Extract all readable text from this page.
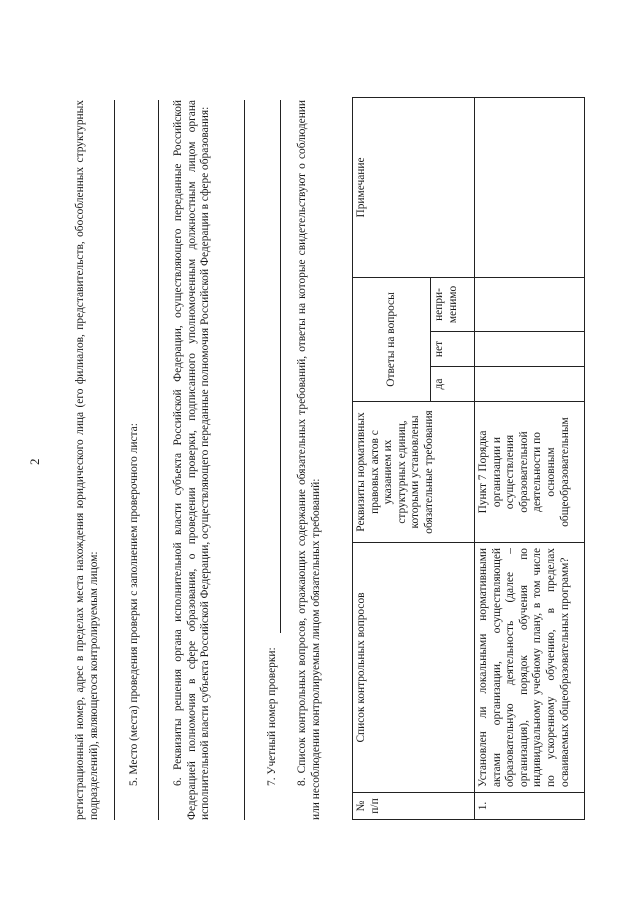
2	регистрационный номер, адрес в пределах места нахождения юридического лица (его филиалов, представительств, обособленных структурных подразделений), являющегося контролируемым лицом: 5. Место (места) проведения проверки с заполнением проверочного листа:	6. Реквизиты решения органа исполнительной власти субъекта Российской Федерации, осуществляющего переданные Российской Федерацией полномочия в сфере образования, о проведении проверки, подписанного уполномоченным должностным лицом органа исполнительной власти субъекта Российской Федерации, осуществляющего переданные полномочия Российской Федерации в сфере образования:	7. Учетный номер проверки: 8. Список контрольных вопросов, отражающих содержание обязательных требований, ответы на которые свидетельствуют о соблюдении или несоблюдении контролируемым лицом обязательных требований:	№ п/п	Список контрольных вопросов	Реквизиты нормативных правовых актов с указанием их структурных единиц, которыми установлены обязательные требования	Ответы на вопросы			Примечание
			да	нет	непри-менимо	
1.	Установлен ли локальными нормативными актами организации, осуществляющей образовательную деятельность (далее – организация), порядок обучения по индивидуальному учебному плану, в том числе по ускоренному обучению, в пределах осваиваемых общеобразовательных программ?	Пункт 7 Порядка организации и осуществления образовательной деятельности по основным общеобразовательным				
